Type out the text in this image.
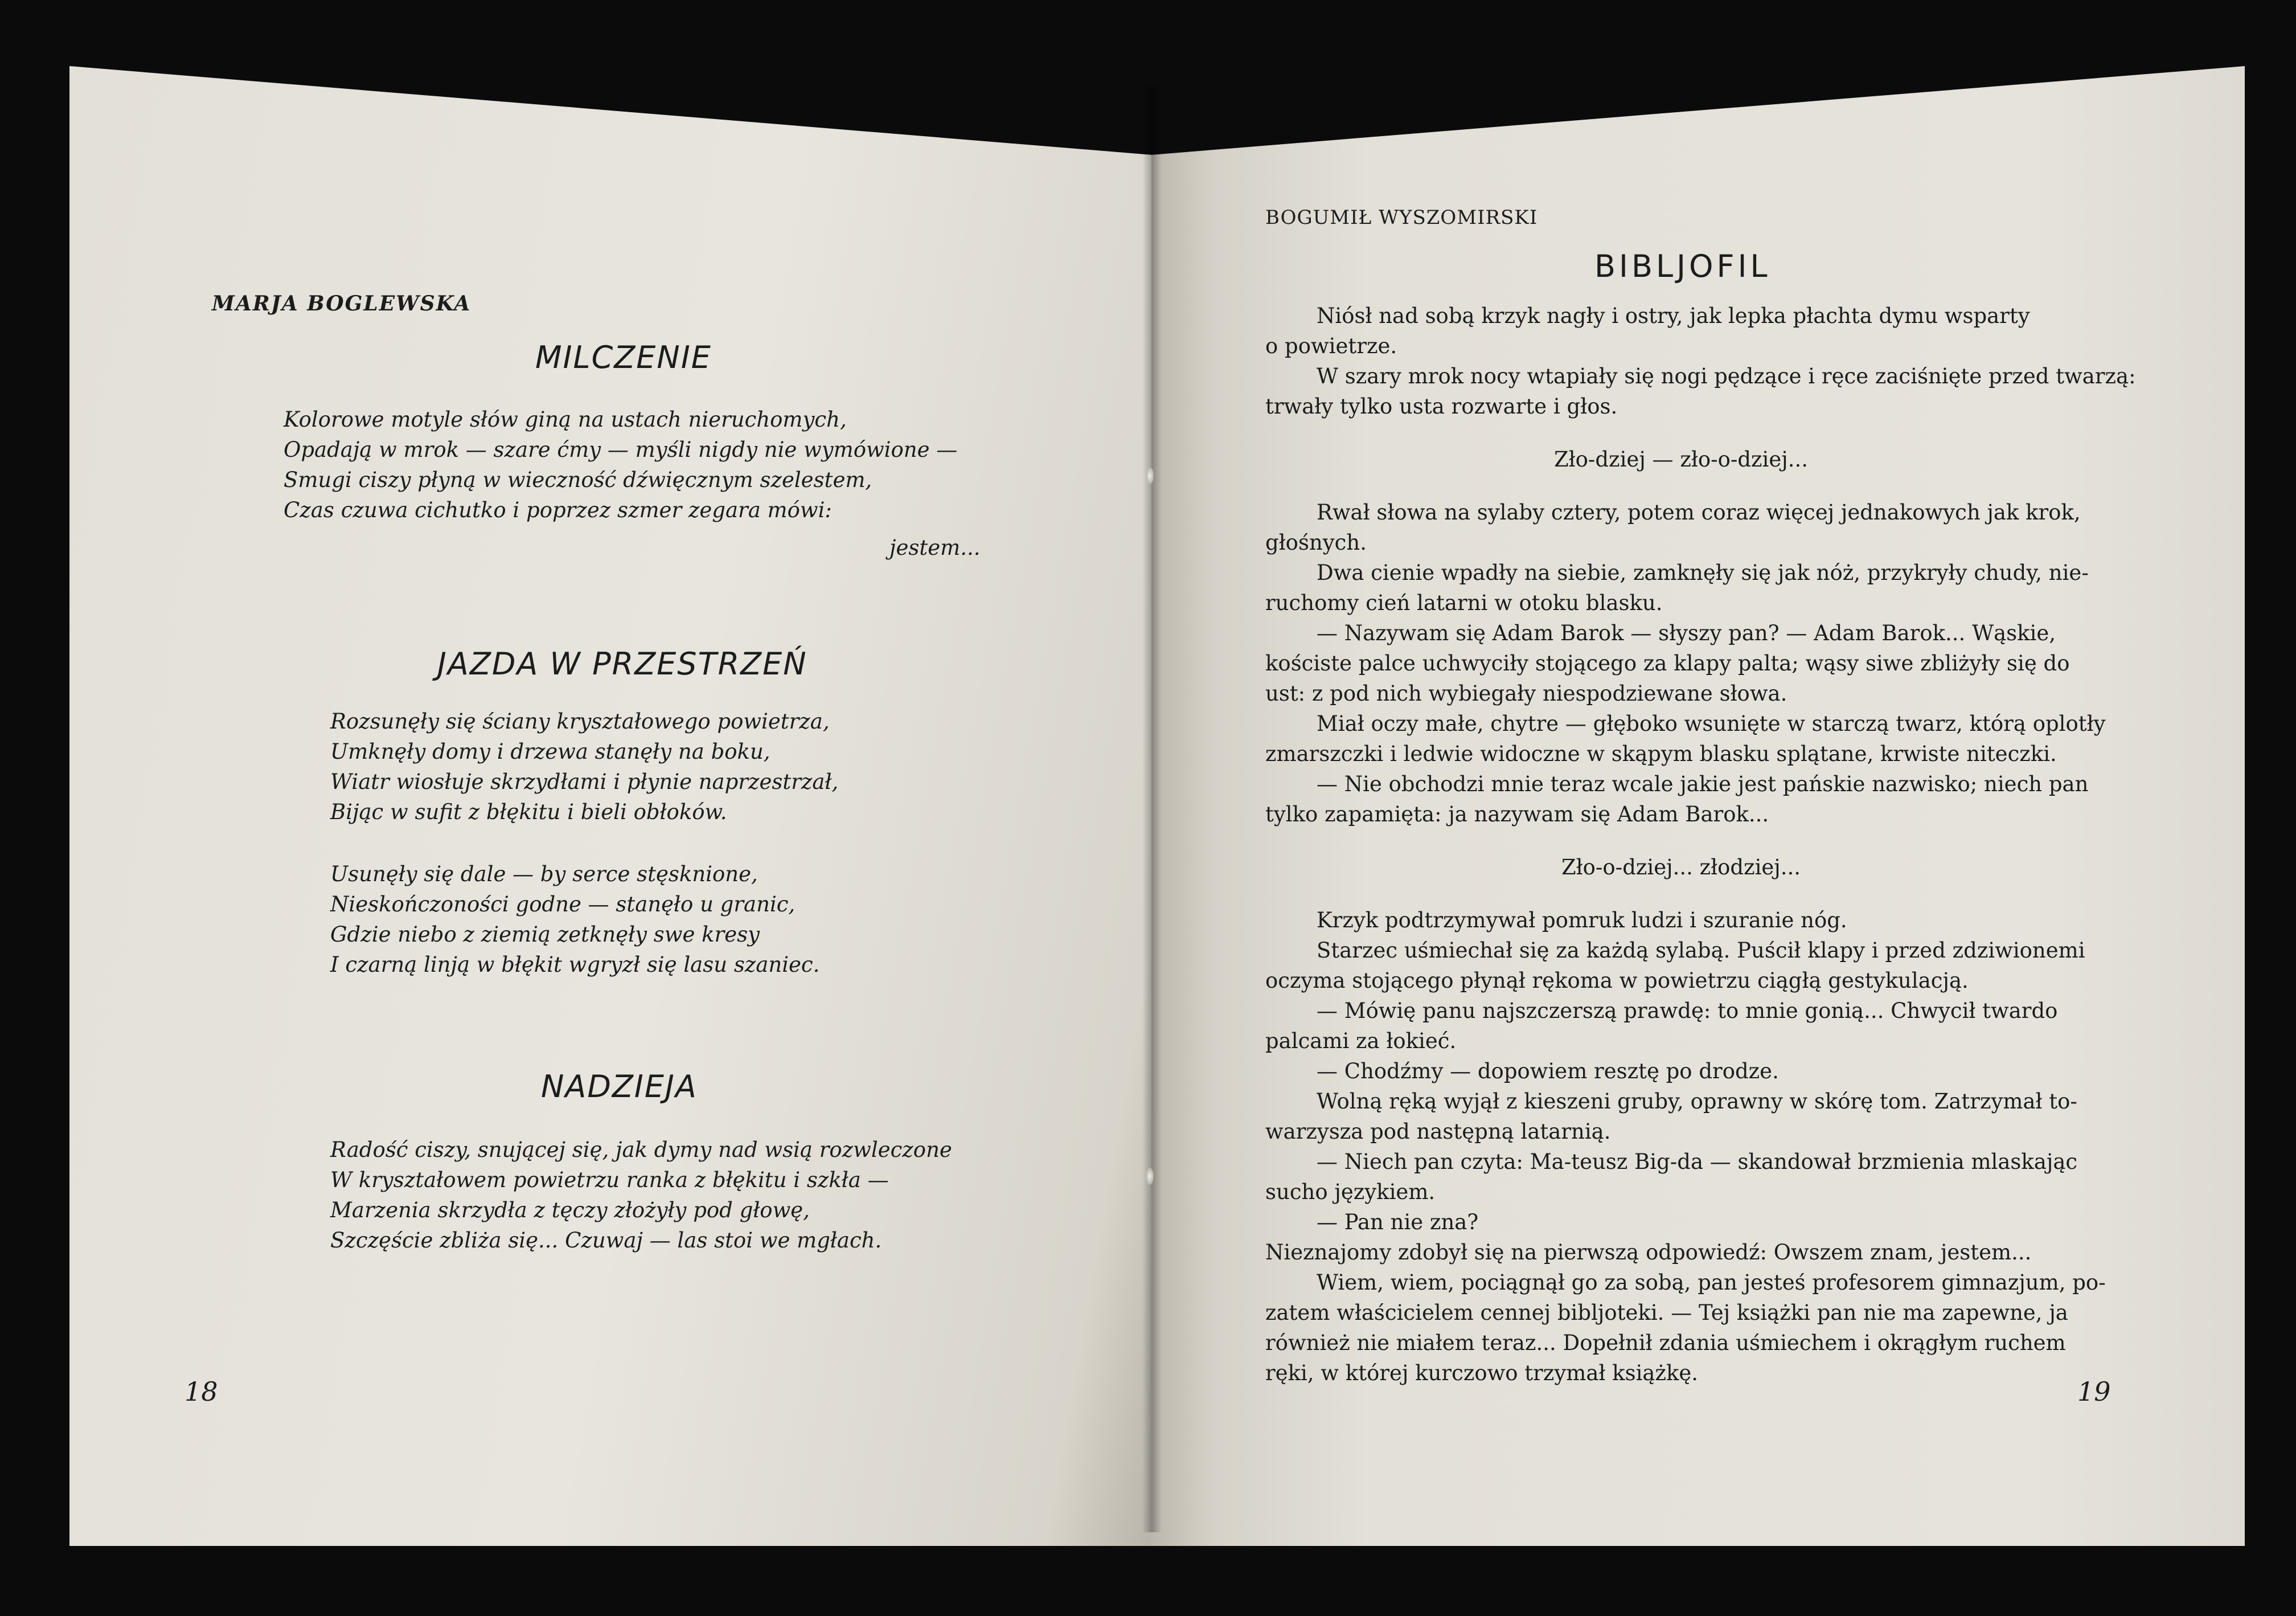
MARJA BOGLEWSKA

MILCZENIE
Kolorowe motyle słów giną na ustach nieruchomych,
Opadają w mrok — szare ćmy — myśli nigdy nie wymówione —
Smugi ciszy płyną w wieczność dźwięcznym szelestem,
Czas czuwa cichutko i poprzez szmer zegara mówi:
jestem...
JAZDA W PRZESTRZEŃ
Rozsunęły się ściany kryształowego powietrza,
Umknęły domy i drzewa stanęły na boku,
Wiatr wiosłuje skrzydłami i płynie naprzestrzał,
Bijąc w sufit z błękitu i bieli obłoków.
Usunęły się dale — by serce stęsknione,
Nieskończoności godne — stanęło u granic,
Gdzie niebo z ziemią zetknęły swe kresy
I czarną linją w błękit wgryzł się lasu szaniec.
NADZIEJA
Radość ciszy, snującej się, jak dymy nad wsią rozwleczone
W kryształowem powietrzu ranka z błękitu i szkła —
Marzenia skrzydła z tęczy złożyły pod głowę,
Szczęście zbliża się... Czuwaj — las stoi we mgłach.
18

BOGUMIŁ WYSZOMIRSKI

BIBLJOFIL
Niósł nad sobą krzyk nagły i ostry, jak lepka płachta dymu wsparty
o powietrze.
W szary mrok nocy wtapiały się nogi pędzące i ręce zaciśnięte przed twarzą:
trwały tylko usta rozwarte i głos.
Zło-dziej — zło-o-dziej...
Rwał słowa na sylaby cztery, potem coraz więcej jednakowych jak krok,
głośnych.
Dwa cienie wpadły na siebie, zamknęły się jak nóż, przykryły chudy, nie-
ruchomy cień latarni w otoku blasku.
— Nazywam się Adam Barok — słyszy pan? — Adam Barok... Wąskie,
kościste palce uchwyciły stojącego za klapy palta; wąsy siwe zbliżyły się do
ust: z pod nich wybiegały niespodziewane słowa.
Miał oczy małe, chytre — głęboko wsunięte w starczą twarz, którą oplotły
zmarszczki i ledwie widoczne w skąpym blasku splątane, krwiste niteczki.
— Nie obchodzi mnie teraz wcale jakie jest pańskie nazwisko; niech pan
tylko zapamięta: ja nazywam się Adam Barok...
Zło-o-dziej... złodziej...
Krzyk podtrzymywał pomruk ludzi i szuranie nóg.
Starzec uśmiechał się za każdą sylabą. Puścił klapy i przed zdziwionemi
oczyma stojącego płynął rękoma w powietrzu ciągłą gestykulacją.
— Mówię panu najszczerszą prawdę: to mnie gonią... Chwycił twardo
palcami za łokieć.
— Chodźmy — dopowiem resztę po drodze.
Wolną ręką wyjął z kieszeni gruby, oprawny w skórę tom. Zatrzymał to-
warzysza pod następną latarnią.
— Niech pan czyta: Ma-teusz Big-da — skandował brzmienia mlaskając
sucho językiem.
— Pan nie zna?
Nieznajomy zdobył się na pierwszą odpowiedź: Owszem znam, jestem...
Wiem, wiem, pociągnął go za sobą, pan jesteś profesorem gimnazjum, po-
zatem właścicielem cennej bibljoteki. — Tej książki pan nie ma zapewne, ja
również nie miałem teraz... Dopełnił zdania uśmiechem i okrągłym ruchem
ręki, w której kurczowo trzymał książkę.
19
